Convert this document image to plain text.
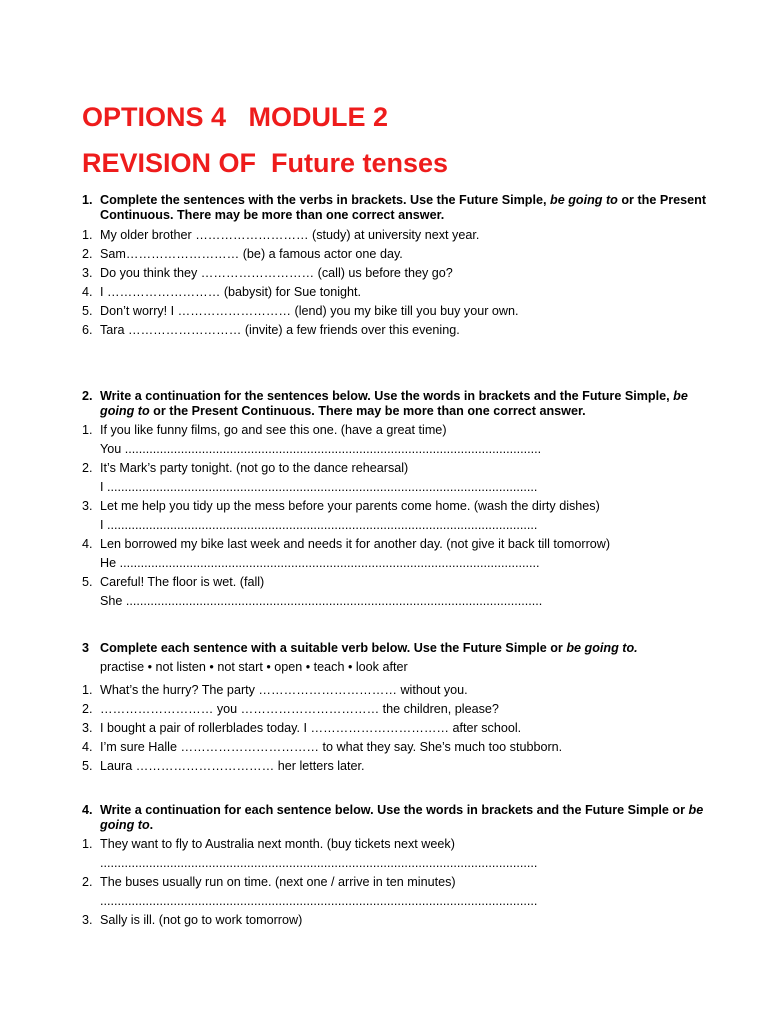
OPTIONS 4   MODULE 2
REVISION OF  Future tenses
1. Complete the sentences with the verbs in brackets. Use the Future Simple, be going to or the Present Continuous. There may be more than one correct answer.
1. My older brother ……………………… (study) at university next year.
2. Sam……………………… (be) a famous actor one day.
3. Do you think they ……………………… (call) us before they go?
4. I ……………………… (babysit) for Sue tonight.
5. Don’t worry! I ……………………… (lend) you my bike till you buy your own.
6. Tara ……………………… (invite) a few friends over this evening.
2. Write a continuation for the sentences below. Use the words in brackets and the Future Simple, be going to or the Present Continuous. There may be more than one correct answer.
1. If you like funny films, go and see this one. (have a great time)
You .......................................................................................................................
2. It’s Mark’s party tonight. (not go to the dance rehearsal)
I ...........................................................................................................................
3. Let me help you tidy up the mess before your parents come home. (wash the dirty dishes)
I ...........................................................................................................................
4. Len borrowed my bike last week and needs it for another day. (not give it back till tomorrow)
He ........................................................................................................................
5. Careful! The floor is wet. (fall)
She .......................................................................................................................
3 Complete each sentence with a suitable verb below. Use the Future Simple or be going to.
practise • not listen • not start • open • teach • look after
1. What’s the hurry? The party …………………………… without you.
2. ……………………… you …………………………… the children, please?
3. I bought a pair of rollerblades today. I …………………………… after school.
4. I’m sure Halle …………………………… to what they say. She’s much too stubborn.
5. Laura …………………………… her letters later.
4. Write a continuation for each sentence below. Use the words in brackets and the Future Simple or be going to.
1. They want to fly to Australia next month. (buy tickets next week)
.............................................................................................................................
2. The buses usually run on time. (next one / arrive in ten minutes)
.............................................................................................................................
3. Sally is ill. (not go to work tomorrow)
